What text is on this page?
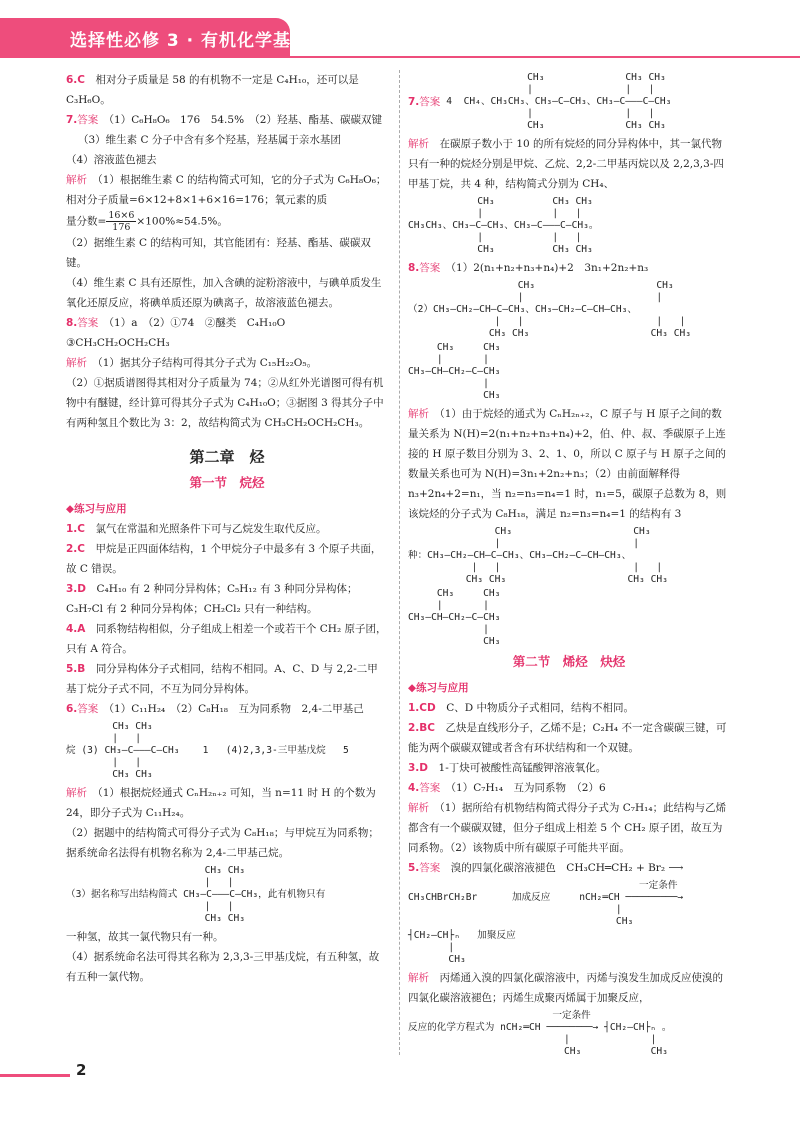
选择性必修 3 · 有机化学基础

6.C　 相对分子质量是 58 的有机物不一定是 C₄H₁₀，还可以是 C₃H₆O。

7.答案　 （1）C₆H₈O₆　176　54.5%　（2）羟基、酯基、碳碳双键

（3）维生素 C 分子中含有多个羟基，羟基属于亲水基团

（4）溶液蓝色褪去

解析　 （1）根据维生素 C 的结构简式可知，它的分子式为 C₆H₈O₆；相对分子质量=6×12+8×1+6×16=176；氧元素的质

量分数= $\frac{16\times 6}{176} \times 100\%\approx 54.5\%$。

（2）据维生素 C 的结构可知，其官能团有：羟基、酯基、碳碳双键。

（4）维生素 C 具有还原性，加入含碘的淀粉溶液中，与碘单质发生氧化还原反应，将碘单质还原为碘离子，故溶液蓝色褪去。

8.答案　 （1）a　（2）①74　②醚类　C₄H₁₀O

③CH₃CH₂OCH₂CH₃

解析　 （1）据其分子结构可得其分子式为 C₁₅H₂₂O₅。

（2）①据质谱图得其相对分子质量为 74；②从红外光谱图可得有机物中有醚键，经计算可得其分子式为 C₄H₁₀O；③据图 3 得其分子中有两种氢且个数比为 3：2，故结构简式为 CH₃CH₂OCH₂CH₃。

第二章　烃
第一节　烷烃

◆练习与应用

1.C　 氯气在常温和光照条件下可与乙烷发生取代反应。

2.C　 甲烷是正四面体结构，1 个甲烷分子中最多有 3 个原子共面，故 C 错误。

3.D　 C₄H₁₀ 有 2 种同分异构体；C₅H₁₂ 有 3 种同分异构体；C₃H₇Cl 有 2 种同分异构体；CH₂Cl₂ 只有一种结构。

4.A　 同系物结构相似，分子组成上相差一个或若干个 CH₂ 原子团，只有 A 符合。

5.B　 同分异构体分子式相同，结构不相同。A、C、D 与 2,2-二甲基丁烷分子式不同，不互为同分异构体。

6.答案　 （1）C₁₁H₂₄　（2）C₈H₁₈　互为同系物　2,4-二甲基己

CH₃ CH₃
|   |
烷 (3) CH₃—C———C—CH₃    1   (4)2,3,3-三甲基戊烷   5
|   |
CH₃ CH₃

解析　 （1）根据烷烃通式 CₙH₂ₙ₊₂ 可知，当 n=11 时 H 的个数为 24，即分子式为 C₁₁H₂₄。

（2）据题中的结构简式可得分子式为 C₈H₁₈；与甲烷互为同系物；据系统命名法得有机物名称为 2,4-二甲基己烷。

CH₃ CH₃
|   |
（3）据名称写出结构简式 CH₃—C———C—CH₃，此有机物只有
|   |
CH₃ CH₃

一种氢，故其一氯代物只有一种。

（4）据系统命名法可得其名称为 2,3,3-三甲基戊烷，有五种氢，故有五种一氯代物。

7.答案
CH₃              CH₃ CH₃
|                |   |
4  CH₄、CH₃CH₃、CH₃—C—CH₃、CH₃—C———C—CH₃
|                |   |
CH₃              CH₃ CH₃

解析　 在碳原子数小于 10 的所有烷烃的同分异构体中，其一氯代物只有一种的烷烃分别是甲烷、乙烷、2,2-二甲基丙烷以及 2,2,3,3-四甲基丁烷，共 4 种，结构简式分别为 CH₄、

CH₃          CH₃ CH₃
|            |   |
CH₃CH₃、CH₃—C—CH₃、CH₃—C———C—CH₃。
|            |   |
CH₃          CH₃ CH₃

8.答案　 （1）2(n₁+n₂+n₃+n₄)+2　3n₁+2n₂+n₃

CH₃                     CH₃
|                       |
（2）CH₃—CH₂—CH—C—CH₃、CH₃—CH₂—C—CH—CH₃、
|   |                       |   |
CH₃ CH₃                     CH₃ CH₃
CH₃     CH₃
|       |
CH₃—CH—CH₂—C—CH₃
|
CH₃

解析　 （1）由于烷烃的通式为 CₙH₂ₙ₊₂，C 原子与 H 原子之间的数量关系为 N(H)=2(n₁+n₂+n₃+n₄)+2，伯、仲、叔、季碳原子上连接的 H 原子数目分别为 3、2、1、0，所以 C 原子与 H 原子之间的数量关系也可为 N(H)=3n₁+2n₂+n₃；（2）由前面解释得 n₃+2n₄+2=n₁，当 n₂=n₃=n₄=1 时，n₁=5，碳原子总数为 8，则该烷烃的分子式为 C₈H₁₈，满足 n₂=n₃=n₄=1 的结构有 3

CH₃                     CH₃
|                       |
种：CH₃—CH₂—CH—C—CH₃、CH₃—CH₂—C—CH—CH₃、
|   |                       |   |
CH₃ CH₃                     CH₃ CH₃
CH₃     CH₃
|       |
CH₃—CH—CH₂—C—CH₃
|
CH₃
第二节　烯烃　炔烃

◆练习与应用

1.CD　 C、D 中物质分子式相同，结构不相同。

2.BC　 乙炔是直线形分子，乙烯不是；C₂H₄ 不一定含碳碳三键，可能为两个碳碳双键或者含有环状结构和一个双键。

3.D　 1-丁炔可被酸性高锰酸钾溶液氧化。

4.答案　 （1）C₇H₁₄　互为同系物　（2）6

解析　 （1）据所给有机物结构简式得分子式为 C₇H₁₄；此结构与乙烯都含有一个碳碳双键，但分子组成上相差 5 个 CH₂ 原子团，故互为同系物。（2）该物质中所有碳原子可能共平面。

5.答案　 溴的四氯化碳溶液褪色　CH₃CH═CH₂ + Br₂ ⟶

一定条件
CH₃CHBrCH₂Br      加成反应     nCH₂═CH ─────────→
|
CH₃
┤CH₂—CH├ₙ   加聚反应
|
CH₃

解析　 丙烯通入溴的四氯化碳溶液中，丙烯与溴发生加成反应使溴的四氯化碳溶液褪色；丙烯生成聚丙烯属于加聚反应，

一定条件
反应的化学方程式为 nCH₂═CH ────────→ ┤CH₂—CH├ₙ 。
|              |
CH₃            CH₃
2
